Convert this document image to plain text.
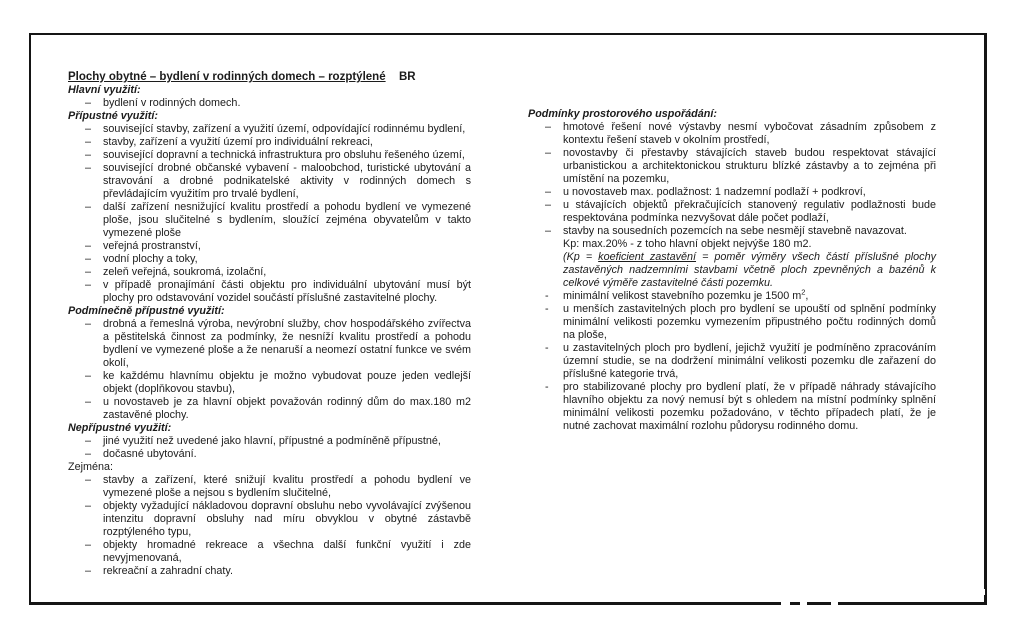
Plochy obytné – bydlení v rodinných domech – rozptýlené BR
Hlavní využití:
–	bydlení v rodinných domech.
Přípustné využití:
–	související stavby, zařízení a využití území, odpovídající rodinnému bydlení,
–	stavby, zařízení a využití území pro individuální rekreaci,
–	související dopravní a technická infrastruktura pro obsluhu řešeného území,
–	související drobné občanské vybavení - maloobchod, turistické ubytování a stravování a drobné podnikatelské aktivity v rodinných domech s převládajícím využitím pro trvalé bydlení,
–	další zařízení nesnižující kvalitu prostředí a pohodu bydlení ve vymezené ploše, jsou slučitelné s bydlením, sloužící zejména obyvatelům v takto vymezené ploše
–	veřejná prostranství,
–	vodní plochy a toky,
–	zeleň veřejná, soukromá, izolační,
–	v případě pronajímání části objektu pro individuální ubytování musí být plochy pro odstavování vozidel součástí příslušné zastavitelné plochy.
Podmínečně přípustné využití:
–	drobná a řemeslná výroba, nevýrobní služby, chov hospodářského zvířectva a pěstitelská činnost za podmínky, že nesníží kvalitu prostředí a pohodu bydlení ve vymezené ploše a že nenaruší a neomezí ostatní funkce ve svém okolí,
–	ke každému hlavnímu objektu je možno vybudovat pouze jeden vedlejší objekt (doplňkovou stavbu),
–	u novostaveb je za hlavní objekt považován rodinný dům do max.180 m2 zastavěné plochy.
Nepřípustné využití:
–	jiné využití než uvedené jako hlavní, přípustné a podmíněně přípustné,
–	dočasné ubytování.
Zejména:
–	stavby a zařízení, které snižují kvalitu prostředí a pohodu bydlení ve vymezené ploše a nejsou s bydlením slučitelné,
–	objekty vyžadující nákladovou dopravní obsluhu nebo vyvolávající zvýšenou intenzitu dopravní obsluhy nad míru obvyklou v obytné zástavbě rozptýleného typu,
–	objekty hromadné rekreace a všechna další funkční využití i zde nevyjmenovaná,
–	rekreační a zahradní chaty.
Podmínky prostorového uspořádání:
–	hmotové řešení nové výstavby nesmí vybočovat zásadním způsobem z kontextu řešení staveb v okolním prostředí,
–	novostavby či přestavby stávajících staveb budou respektovat stávající urbanistickou a architektonickou strukturu blízké zástavby a to zejména při umístění na pozemku,
–	u novostaveb max. podlažnost: 1 nadzemní podlaží + podkroví,
–	u stávajících objektů překračujících stanovený regulativ podlažnosti bude respektována podmínka nezvyšovat dále počet podlaží,
–	stavby na sousedních pozemcích na sebe nesmějí stavebně navazovat.
Kp: max.20% - z toho hlavní objekt nejvýše 180 m2.
(Kp = koeficient zastavění = poměr výměry všech částí příslušné plochy zastavěných nadzemními stavbami včetně ploch zpevněných a bazénů k celkové výměře zastavitelné části pozemku.
-	minimální velikost stavebního pozemku je 1500 $m^2$,
-	u menších zastavitelných ploch pro bydlení se upouští od splnění podmínky minimální velikosti pozemku vymezením připustného počtu rodinných domů na ploše,
-	u zastavitelných ploch pro bydlení, jejichž využití je podmíněno zpracováním územní studie, se na dodržení minimální velikosti pozemku dle zařazení do příslušné kategorie trvá,
-	pro stabilizované plochy pro bydlení platí, že v případě náhrady stávajícího hlavního objektu za nový nemusí být s ohledem na místní podmínky splnění minimální velikosti pozemku požadováno, v těchto případech platí, že je nutné zachovat maximální rozlohu půdorysu rodinného domu.
